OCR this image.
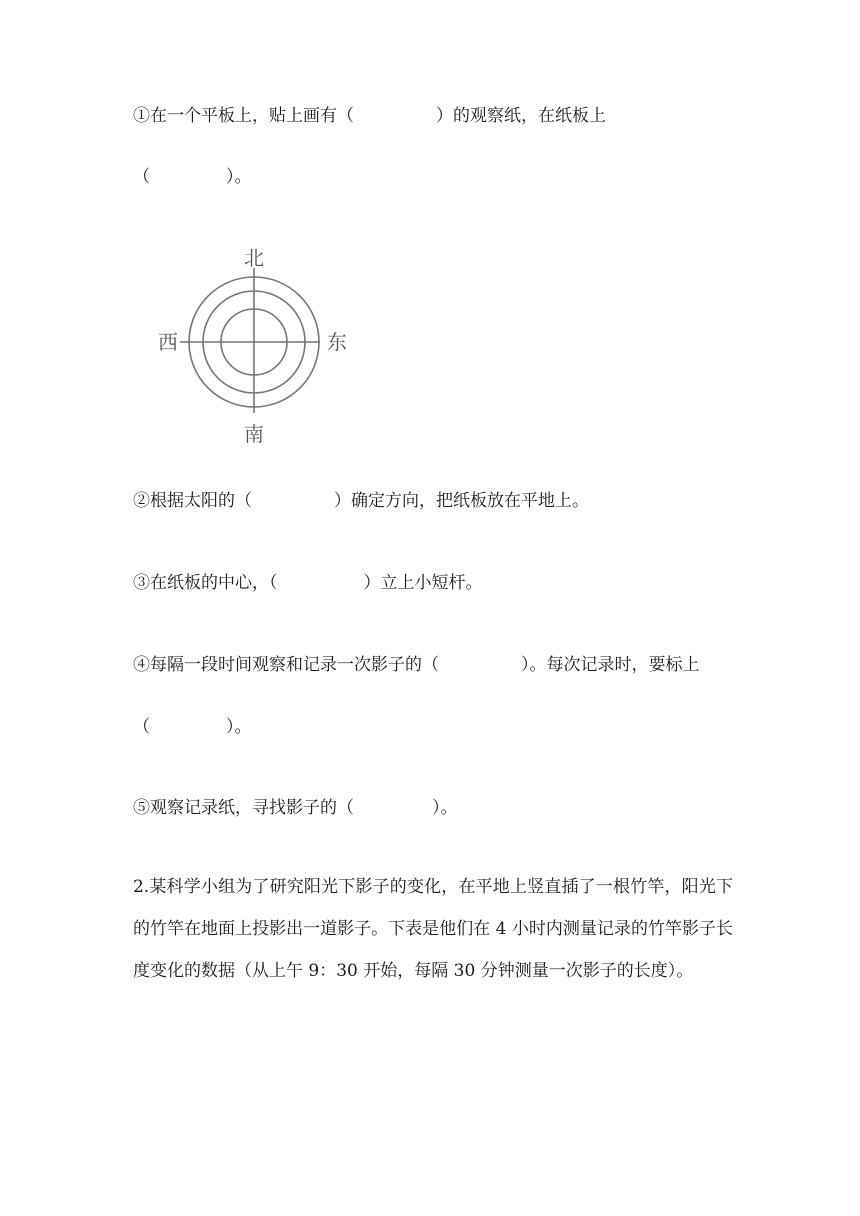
①在一个平板上，贴上画有（	）的观察纸，在纸板上
（	）。
北
南
西	东
②根据太阳的（	）确定方向，把纸板放在平地上。
③在纸板的中心，（	）立上小短杆。
④每隔一段时间观察和记录一次影子的（	）。每次记录时，要标上
（	）。
⑤观察记录纸，寻找影子的（	）。
2.某科学小组为了研究阳光下影子的变化，在平地上竖直插了一根竹竿，阳光下的竹竿在地面上投影出一道影子。下表是他们在 4 小时内测量记录的竹竿影子长度变化的数据（从上午 9：30 开始，每隔 30 分钟测量一次影子的长度）。
